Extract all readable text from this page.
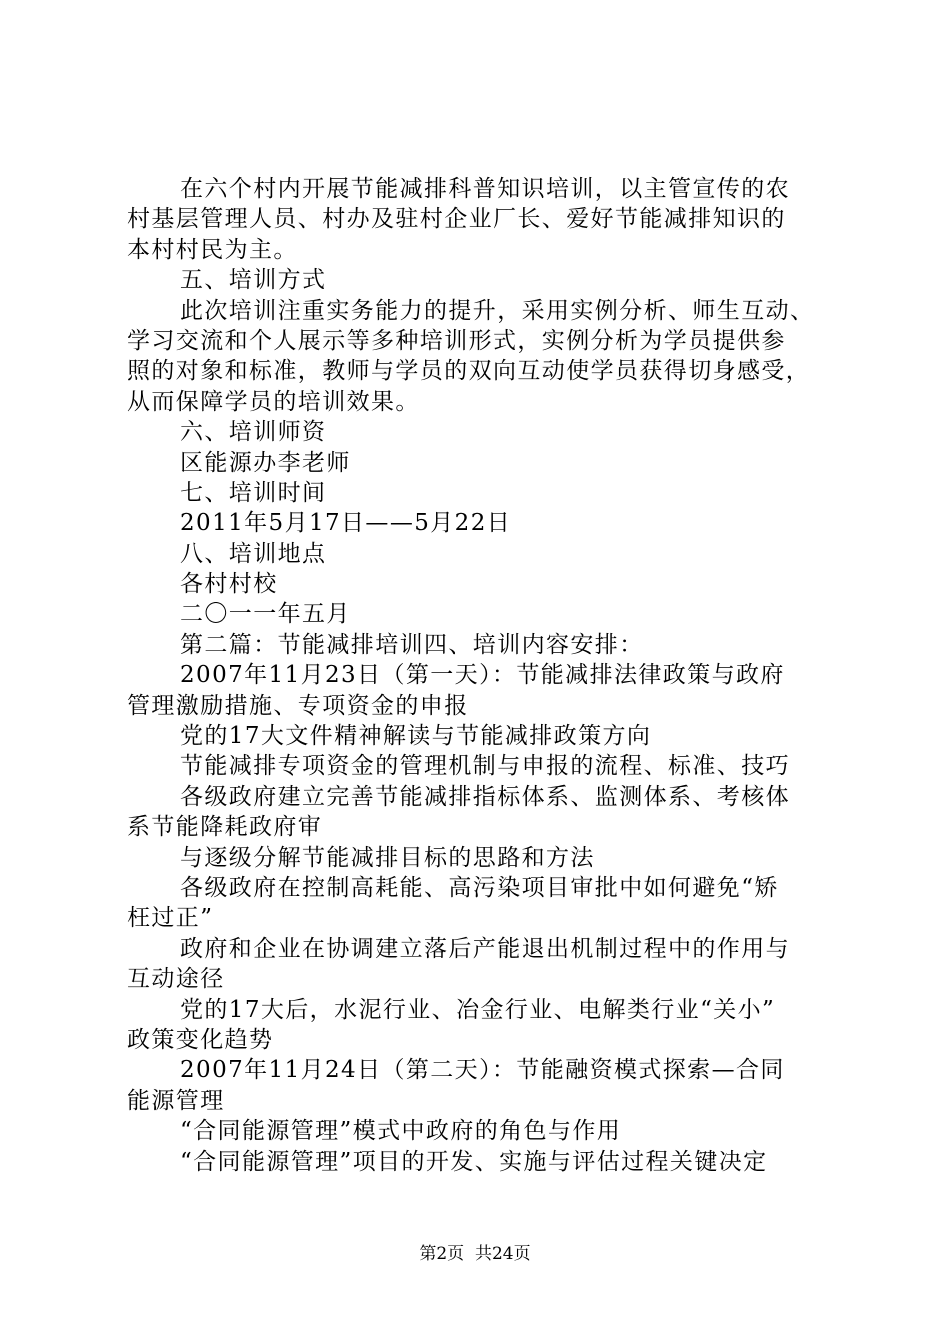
在六个村内开展节能减排科普知识培训，以主管宣传的农
村基层管理人员、村办及驻村企业厂长、爱好节能减排知识的
本村村民为主。
五、培训方式
此次培训注重实务能力的提升，采用实例分析、师生互动、
学习交流和个人展示等多种培训形式，实例分析为学员提供参
照的对象和标准，教师与学员的双向互动使学员获得切身感受，
从而保障学员的培训效果。
六、培训师资
区能源办李老师
七、培训时间
2011年5月17日——5月22日
八、培训地点
各村村校
二〇一一年五月
第二篇：节能减排培训四、培训内容安排：
2007年11月23日（第一天）：节能减排法律政策与政府
管理激励措施、专项资金的申报
党的17大文件精神解读与节能减排政策方向
节能减排专项资金的管理机制与申报的流程、标准、技巧
各级政府建立完善节能减排指标体系、监测体系、考核体
系节能降耗政府审
与逐级分解节能减排目标的思路和方法
各级政府在控制高耗能、高污染项目审批中如何避免“矫
枉过正”
政府和企业在协调建立落后产能退出机制过程中的作用与
互动途径
党的17大后，水泥行业、冶金行业、电解类行业“关小”
政策变化趋势
2007年11月24日（第二天）：节能融资模式探索—合同
能源管理
“合同能源管理”模式中政府的角色与作用
“合同能源管理”项目的开发、实施与评估过程关键决定
第2页  共24页
